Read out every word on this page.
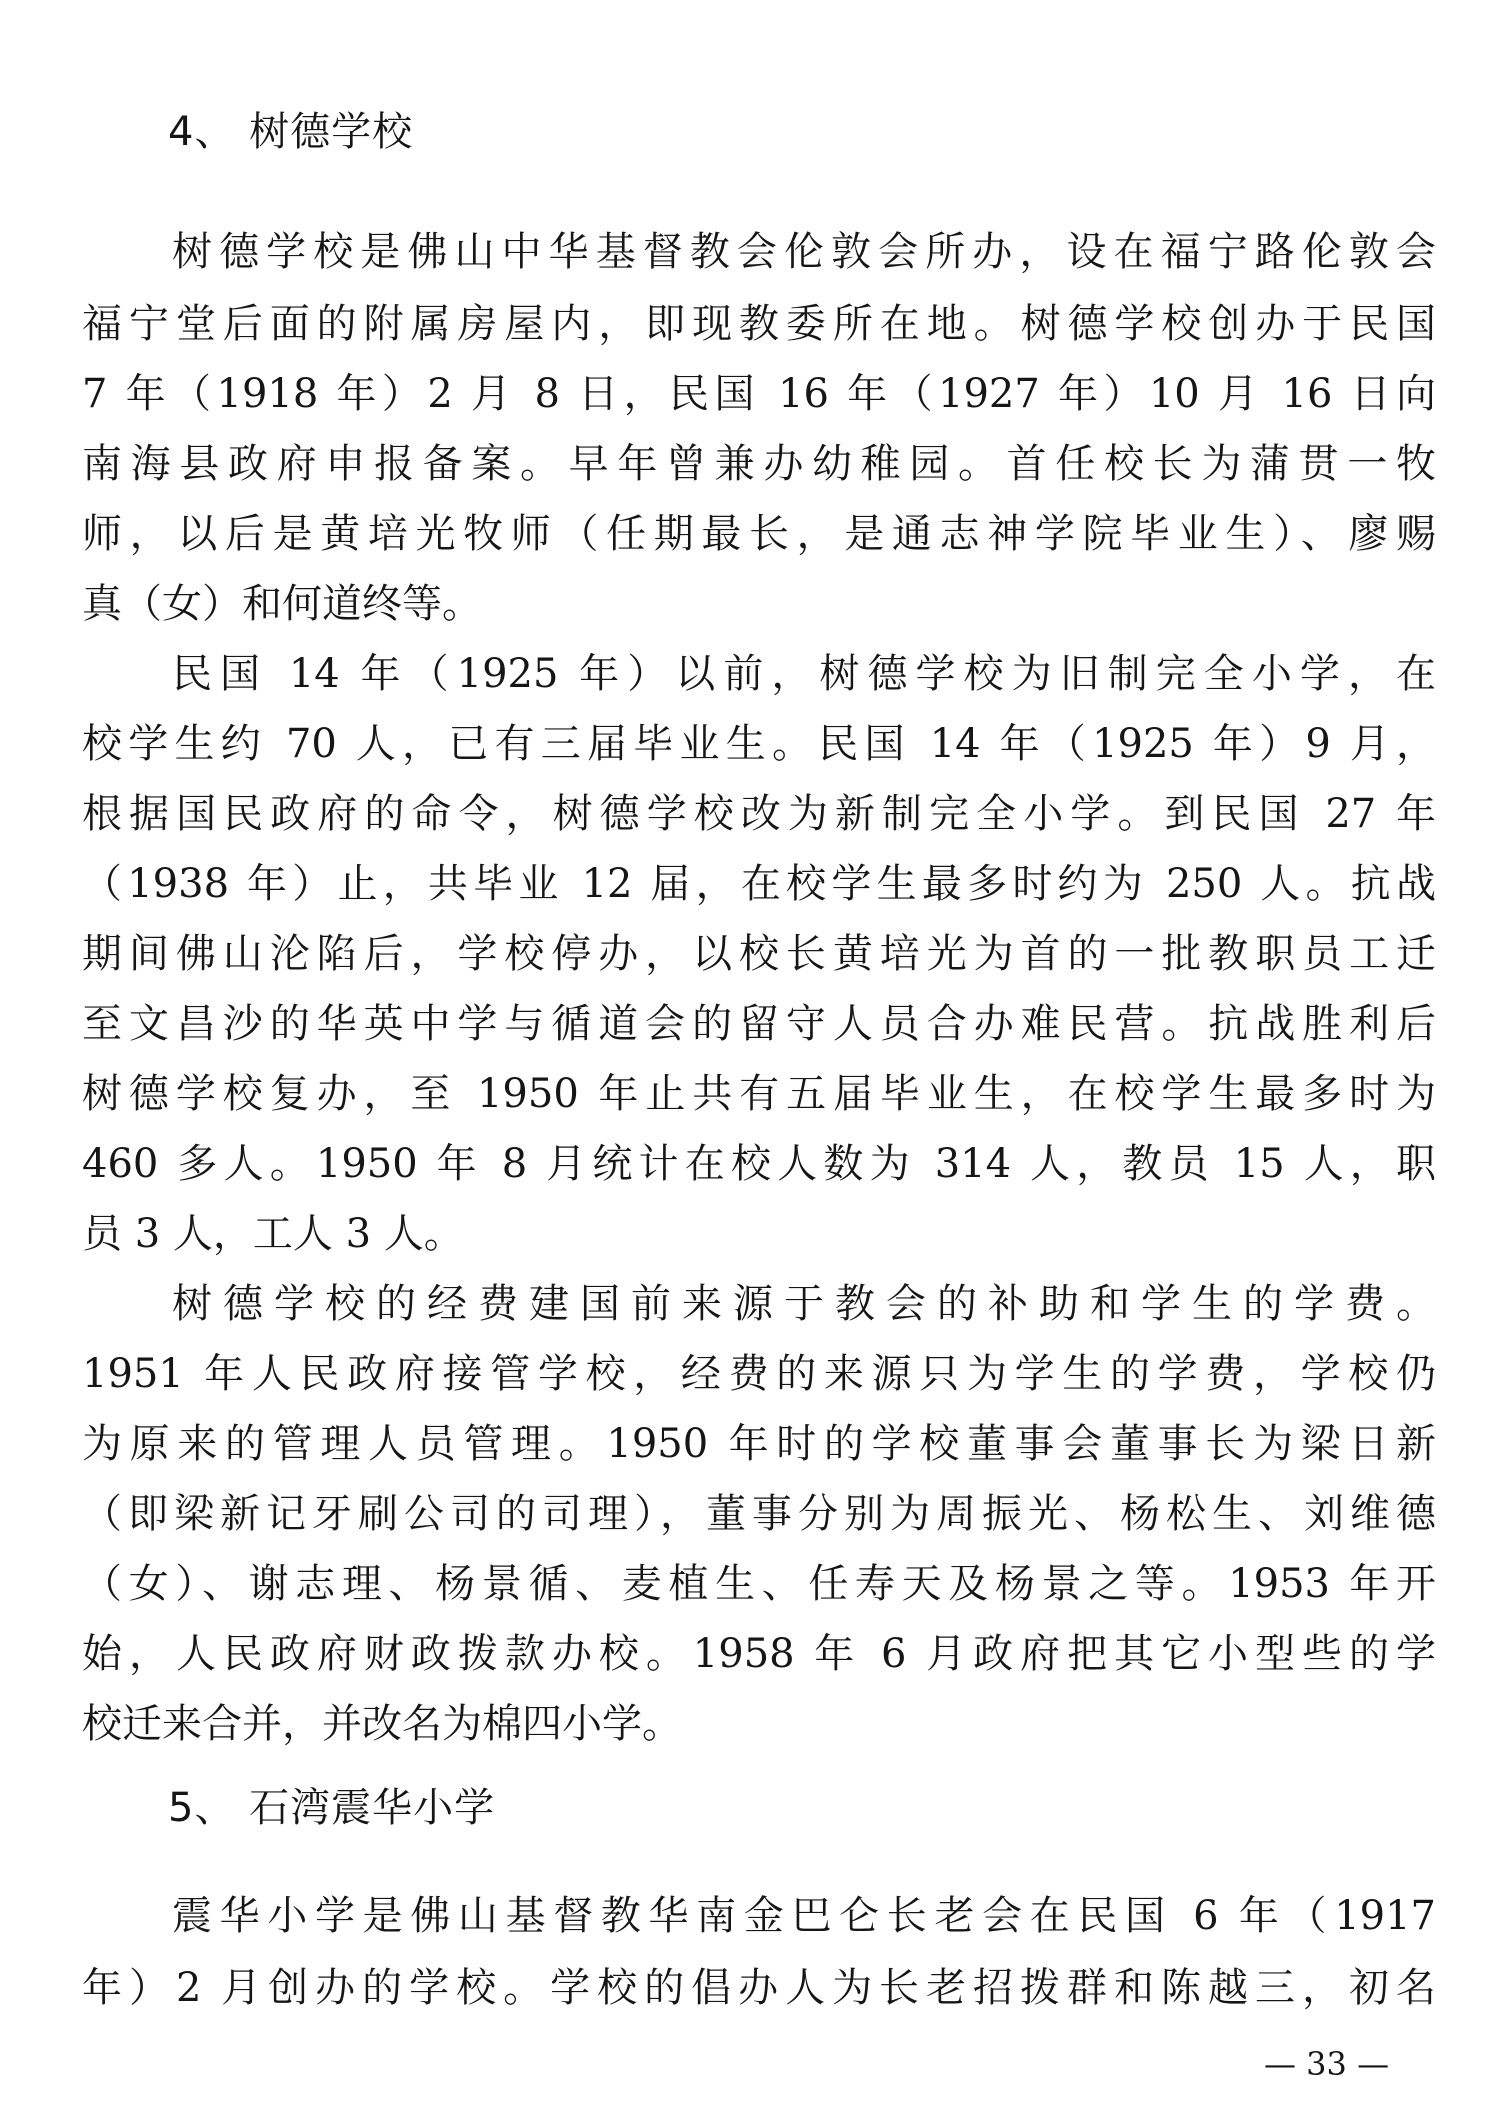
4、 树德学校
树德学校是佛山中华基督教会伦敦会所办，设在福宁路伦敦会
福宁堂后面的附属房屋内，即现教委所在地。树德学校创办于民国
7 年（1918 年）2 月 8 日，民国 16 年（1927 年）10 月 16 日向
南海县政府申报备案。早年曾兼办幼稚园。首任校长为蒲贯一牧
师，以后是黄培光牧师（任期最长，是通志神学院毕业生）、廖赐
真（女）和何道终等。
民国 14 年（1925 年）以前，树德学校为旧制完全小学，在
校学生约 70 人，已有三届毕业生。民国 14 年（1925 年）9 月，
根据国民政府的命令，树德学校改为新制完全小学。到民国 27 年
（1938 年）止，共毕业 12 届，在校学生最多时约为 250 人。抗战
期间佛山沦陷后，学校停办，以校长黄培光为首的一批教职员工迁
至文昌沙的华英中学与循道会的留守人员合办难民营。抗战胜利后
树德学校复办，至 1950 年止共有五届毕业生，在校学生最多时为
460 多人。1950 年 8 月统计在校人数为 314 人，教员 15 人，职
员 3 人，工人 3 人。
树德学校的经费建国前来源于教会的补助和学生的学费。
1951 年人民政府接管学校，经费的来源只为学生的学费，学校仍
为原来的管理人员管理。1950 年时的学校董事会董事长为梁日新
（即梁新记牙刷公司的司理），董事分别为周振光、杨松生、刘维德
（女）、谢志理、杨景循、麦植生、任寿天及杨景之等。1953 年开
始，人民政府财政拨款办校。1958 年 6 月政府把其它小型些的学
校迁来合并，并改名为棉四小学。
5、 石湾震华小学
震华小学是佛山基督教华南金巴仑长老会在民国 6 年（1917
年）2 月创办的学校。学校的倡办人为长老招拨群和陈越三，初名
— 33 —
